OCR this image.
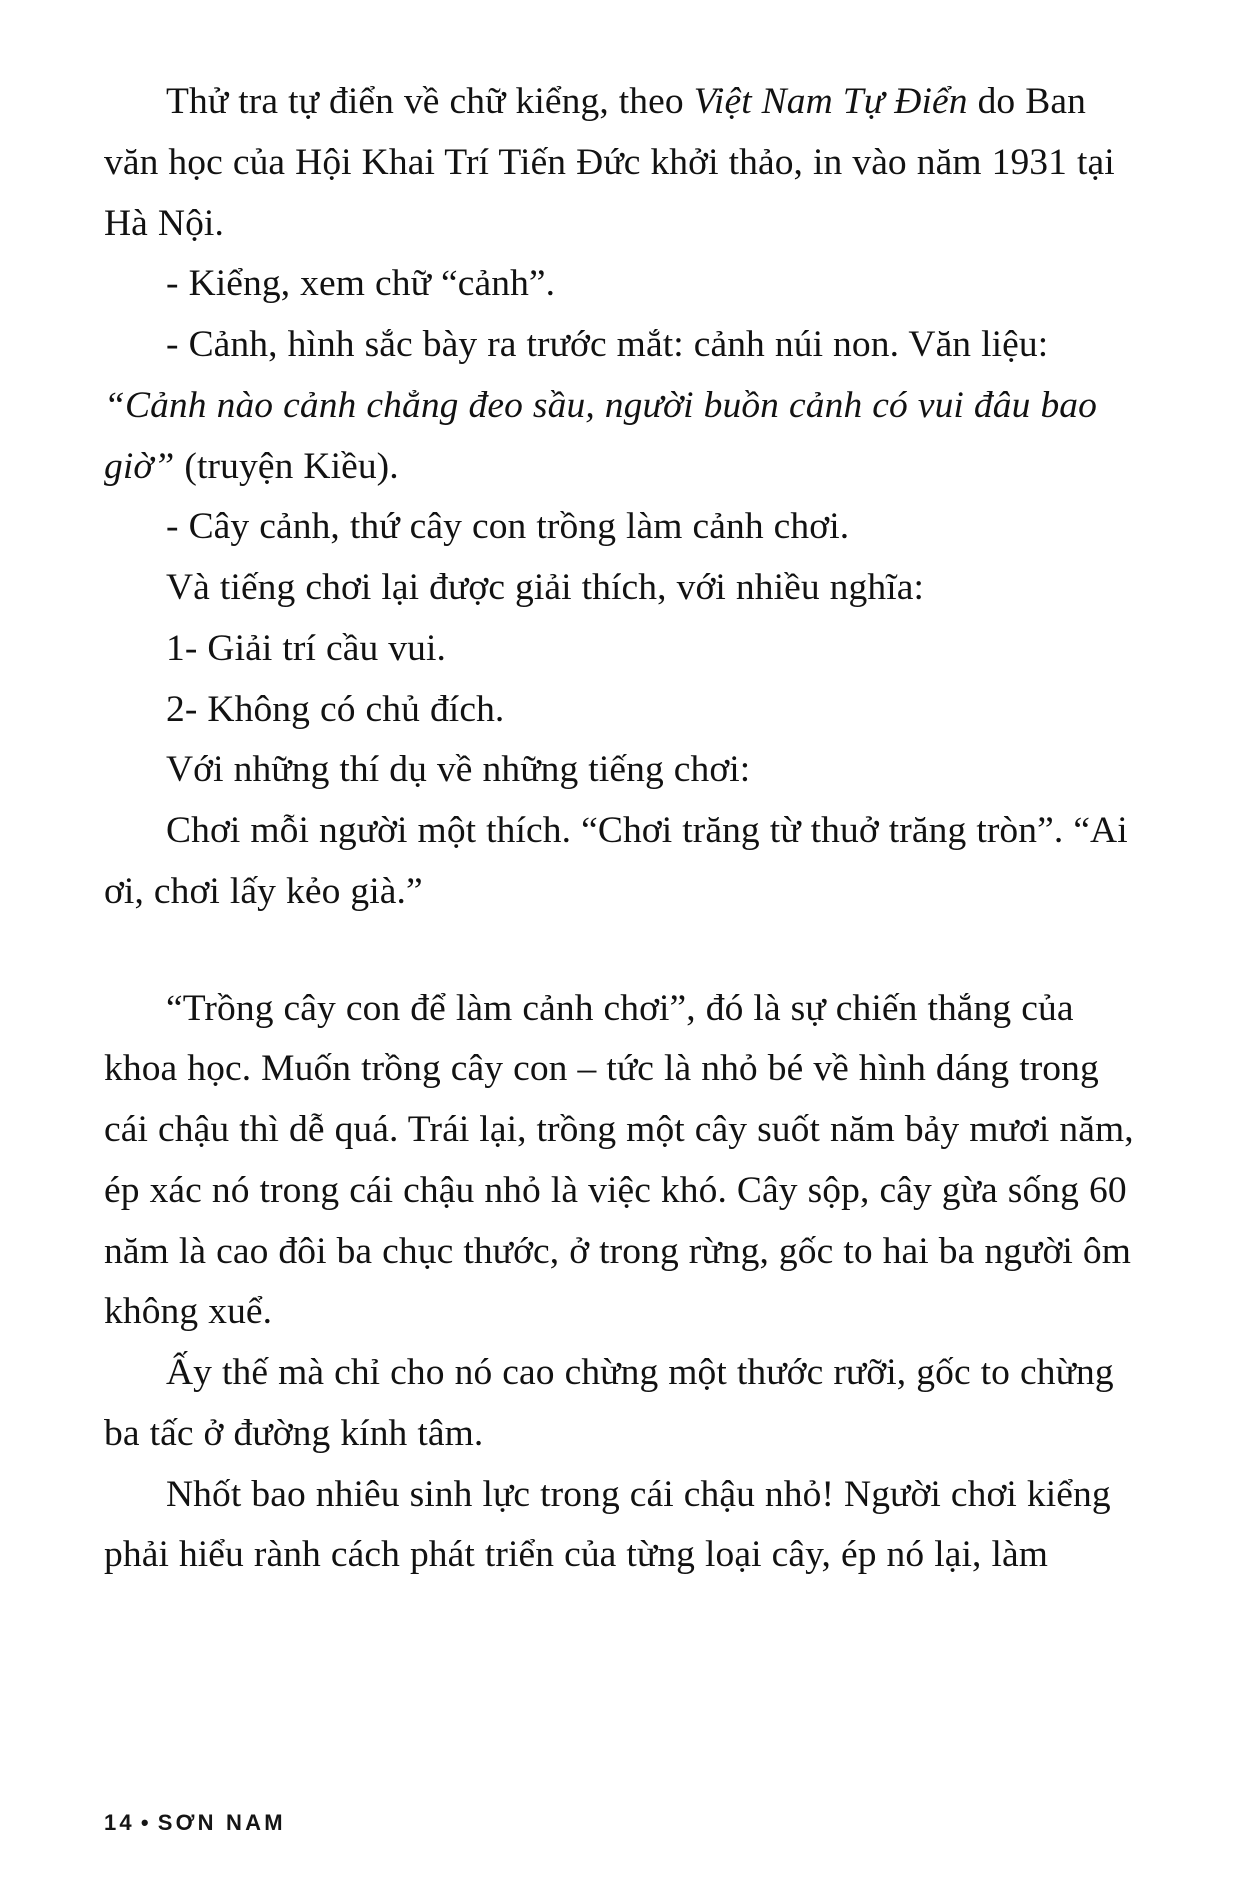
Thử tra tự điển về chữ kiểng, theo Việt Nam Tự Điển do Ban văn học của Hội Khai Trí Tiến Đức khởi thảo, in vào năm 1931 tại Hà Nội.

- Kiểng, xem chữ “cảnh”.

- Cảnh, hình sắc bày ra trước mắt: cảnh núi non. Văn liệu: “Cảnh nào cảnh chẳng đeo sầu, người buồn cảnh có vui đâu bao giờ” (truyện Kiều).

- Cây cảnh, thứ cây con trồng làm cảnh chơi.

Và tiếng chơi lại được giải thích, với nhiều nghĩa:

1- Giải trí cầu vui.

2- Không có chủ đích.

Với những thí dụ về những tiếng chơi:

Chơi mỗi người một thích. “Chơi trăng từ thuở trăng tròn”. “Ai ơi, chơi lấy kẻo già.”

“Trồng cây con để làm cảnh chơi”, đó là sự chiến thắng của khoa học. Muốn trồng cây con – tức là nhỏ bé về hình dáng trong cái chậu thì dễ quá. Trái lại, trồng một cây suốt năm bảy mươi năm, ép xác nó trong cái chậu nhỏ là việc khó. Cây sộp, cây gừa sống 60 năm là cao đôi ba chục thước, ở trong rừng, gốc to hai ba người ôm không xuể.

Ấy thế mà chỉ cho nó cao chừng một thước rưỡi, gốc to chừng ba tấc ở đường kính tâm.

Nhốt bao nhiêu sinh lực trong cái chậu nhỏ! Người chơi kiểng phải hiểu rành cách phát triển của từng loại cây, ép nó lại, làm

14 • SƠN NAM
